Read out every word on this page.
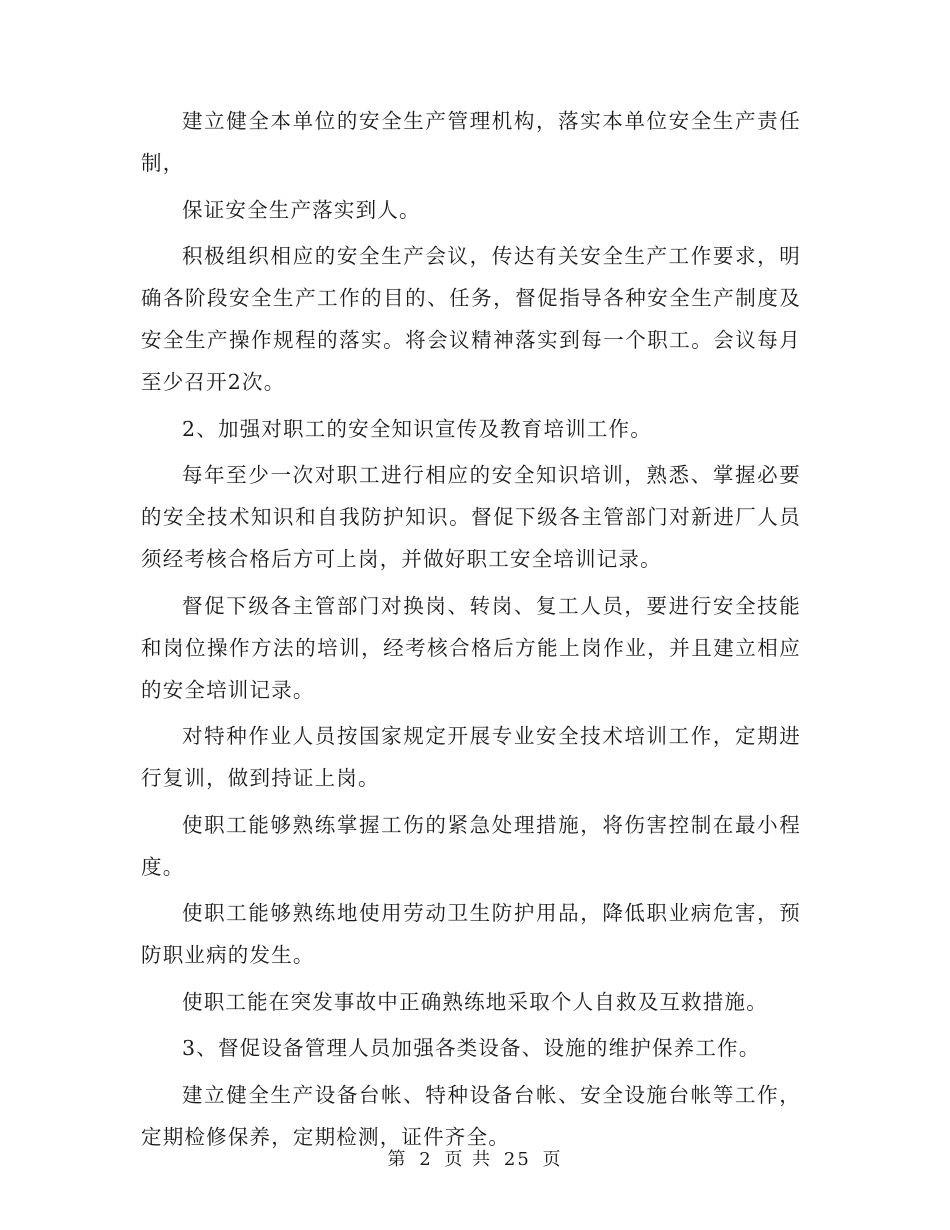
建立健全本单位的安全生产管理机构，落实本单位安全生产责任制，

保证安全生产落实到人。

积极组织相应的安全生产会议，传达有关安全生产工作要求，明确各阶段安全生产工作的目的、任务，督促指导各种安全生产制度及安全生产操作规程的落实。将会议精神落实到每一个职工。会议每月至少召开2次。

2、加强对职工的安全知识宣传及教育培训工作。

每年至少一次对职工进行相应的安全知识培训，熟悉、掌握必要的安全技术知识和自我防护知识。督促下级各主管部门对新进厂人员须经考核合格后方可上岗，并做好职工安全培训记录。

督促下级各主管部门对换岗、转岗、复工人员，要进行安全技能和岗位操作方法的培训，经考核合格后方能上岗作业，并且建立相应的安全培训记录。

对特种作业人员按国家规定开展专业安全技术培训工作，定期进行复训，做到持证上岗。

使职工能够熟练掌握工伤的紧急处理措施，将伤害控制在最小程度。

使职工能够熟练地使用劳动卫生防护用品，降低职业病危害，预防职业病的发生。

使职工能在突发事故中正确熟练地采取个人自救及互救措施。

3、督促设备管理人员加强各类设备、设施的维护保养工作。

建立健全生产设备台帐、特种设备台帐、安全设施台帐等工作，定期检修保养，定期检测，证件齐全。

第 2 页 共 25 页
